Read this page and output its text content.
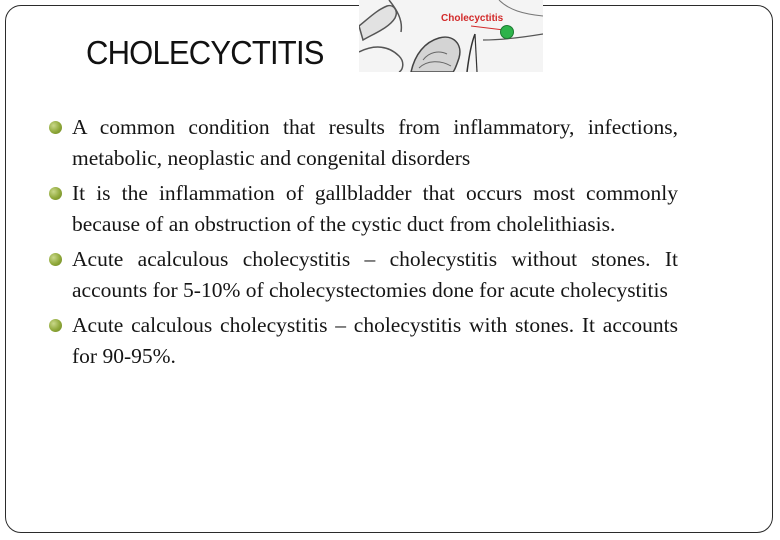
CHOLECYCTITIS
Cholecyctitis
A common condition that results from inflammatory, infections, metabolic, neoplastic and congenital disorders
It is the inflammation of gallbladder that occurs most commonly because of an obstruction of the cystic duct from cholelithiasis.
Acute acalculous cholecystitis – cholecystitis without stones. It accounts for 5-10% of cholecystectomies done for acute cholecystitis
Acute calculous cholecystitis – cholecystitis with stones. It accounts for 90-95%.
